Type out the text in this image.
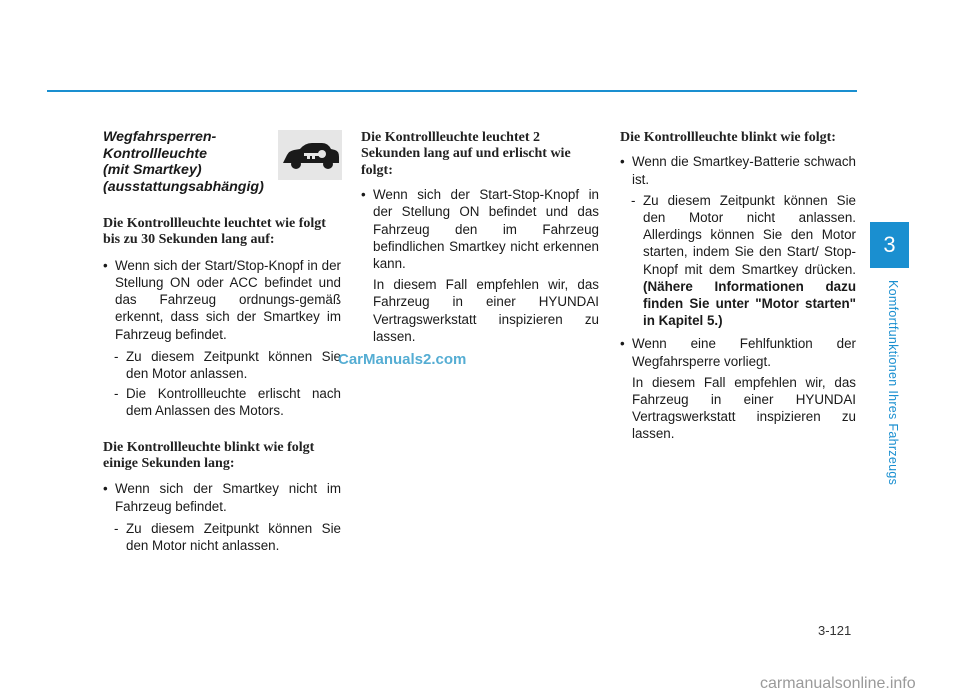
3
Komfortfunktionen Ihres Fahrzeugs
Wegfahrsperren-
Kontrollleuchte
(mit Smartkey)
(ausstattungsabhängig)

Die Kontrollleuchte leuchtet wie folgt bis zu 30 Sekunden lang auf:

• Wenn sich der Start/Stop-Knopf in der Stellung ON oder ACC befindet und das Fahrzeug ordnungs-gemäß erkennt, dass sich der Smartkey im Fahrzeug befindet.

- Zu diesem Zeitpunkt können Sie den Motor anlassen.

- Die Kontrollleuchte erlischt nach dem Anlassen des Motors.

Die Kontrollleuchte blinkt wie folgt einige Sekunden lang:

• Wenn sich der Smartkey nicht im Fahrzeug befindet.

- Zu diesem Zeitpunkt können Sie den Motor nicht anlassen.

Die Kontrollleuchte leuchtet 2 Sekunden lang auf und erlischt wie folgt:

• Wenn sich der Start-Stop-Knopf in der Stellung ON befindet und das Fahrzeug den im Fahrzeug befindlichen Smartkey nicht erkennen kann.

In diesem Fall empfehlen wir, das Fahrzeug in einer HYUNDAI Vertragswerkstatt inspizieren zu lassen.

Die Kontrollleuchte blinkt wie folgt:

• Wenn die Smartkey-Batterie schwach ist.

- Zu diesem Zeitpunkt können Sie den Motor nicht anlassen. Allerdings können Sie den Motor starten, indem Sie den Start/ Stop-Knopf mit dem Smartkey drücken. (Nähere Informationen dazu finden Sie unter "Motor starten" in Kapitel 5.)

• Wenn eine Fehlfunktion der Wegfahrsperre vorliegt.

In diesem Fall empfehlen wir, das Fahrzeug in einer HYUNDAI Vertragswerkstatt inspizieren zu lassen.

CarManuals2.com
3-121
carmanualsonline.info
